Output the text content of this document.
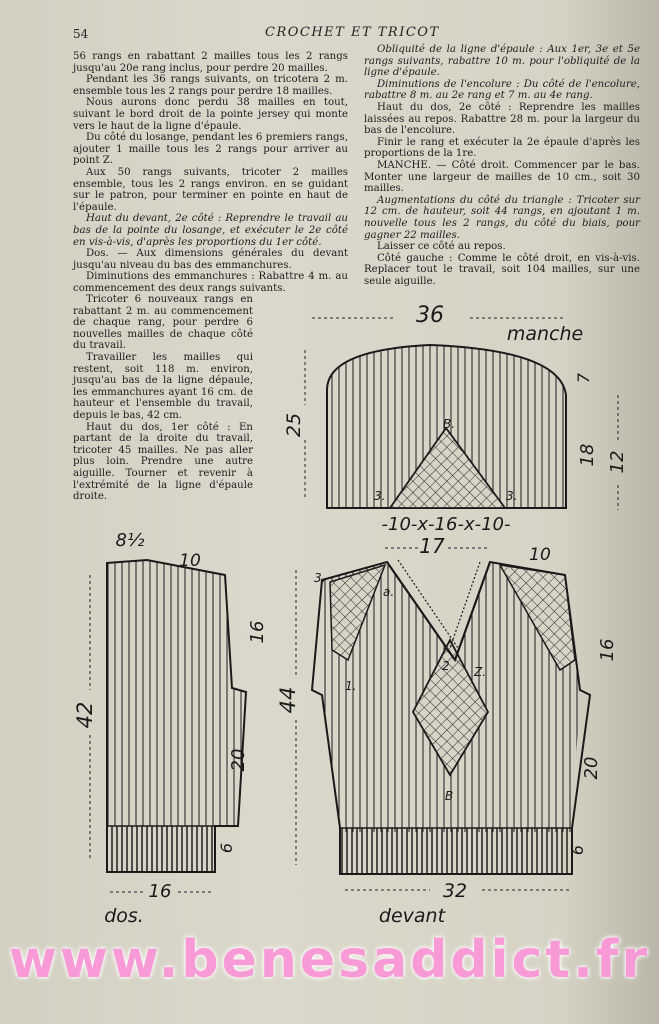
54	CROCHET ET TRICOT

56 rangs en rabattant 2 mailles tous les 2 rangs jusqu'au 20e rang inclus, pour perdre 20 mailles.

Pendant les 36 rangs suivants, on tricotera 2 m. ensemble tous les 2 rangs pour perdre 18 mailles.

Nous aurons donc perdu 38 mailles en tout, suivant le bord droit de la pointe jersey qui monte vers le haut de la ligne d'épaule.

Du côté du losange, pendant les 6 premiers rangs, ajouter 1 maille tous les 2 rangs pour arriver au point Z.

Aux 50 rangs suivants, tricoter 2 mailles ensemble, tous les 2 rangs environ. en se guidant sur le patron, pour terminer en pointe en haut de l'épaule.

Haut du devant, 2e côté : Reprendre le travail au bas de la pointe du losange, et exécuter le 2e côté en vis-à-vis, d'après les proportions du 1er côté.

Dos. — Aux dimensions générales du devant jusqu'au niveau du bas des emmanchures.

Diminutions des emmanchures : Rabattre 4 m. au commencement des deux rangs suivants.

Tricoter 6 nouveaux rangs en rabattant 2 m. au commencement de chaque rang, pour perdre 6 nouvelles mailles de chaque côté du travail.

Travailler les mailles qui restent, soit 118 m. environ, jusqu'au bas de la ligne dépaule, les emmanchures ayant 16 cm. de hauteur et l'ensemble du travail, depuis le bas, 42 cm.

Haut du dos, 1er côté : En partant de la droite du travail, tricoter 45 mailles. Ne pas aller plus loin. Prendre une autre aiguille. Tourner et revenir à l'extrémité de la ligne d'épaule droite.

Obliquité de la ligne d'épaule : Aux 1er, 3e et 5e rangs suivants, rabattre 10 m. pour l'obliquité de la ligne d'épaule.

Diminutions de l'encolure : Du côté de l'encolure, rabattre 8 m. au 2e rang et 7 m. au 4e rang.

Haut du dos, 2e côté : Reprendre les mailles laissées au repos. Rabattre 28 m. pour la largeur du bas de l'encolure.

Finir le rang et exécuter la 2e épaule d'après les proportions de la 1re.

MANCHE. — Côté droit. Commencer par le bas. Monter une largeur de mailles de 10 cm., soit 30 mailles.

Augmentations du côté du triangle : Tricoter sur 12 cm. de hauteur, soit 44 rangs, en ajoutant 1 m. nouvelle tous les 2 rangs, du côté du biais, pour gagner 22 mailles.

Laisser ce côté au repos.

Côté gauche : Comme le côté droit, en vis-à-vis. Replacer tout le travail, soit 104 mailles, sur une seule aiguille.

36
manche
25
7
18 12
-10-x-16-x-10-
B.
3.	3.
8½
10
42
16
20
6
16
dos.
17	10
44
16
20
6
32
devant
Z.
1.
2
3.
a.
B
www.benesaddict.fr
